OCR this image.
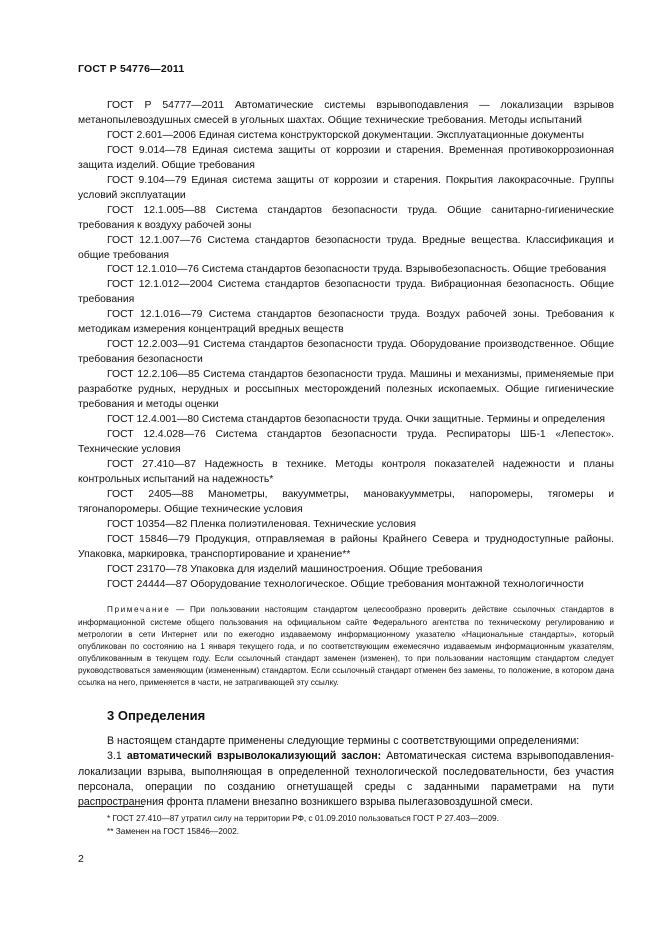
ГОСТ Р 54776—2011

ГОСТ Р 54777—2011 Автоматические системы взрывоподавления — локализации взрывов метанопылевоздушных смесей в угольных шахтах. Общие технические требования. Методы испытаний

ГОСТ 2.601—2006 Единая система конструкторской документации. Эксплуатационные документы

ГОСТ 9.014—78 Единая система защиты от коррозии и старения. Временная противокоррозионная защита изделий. Общие требования

ГОСТ 9.104—79 Единая система защиты от коррозии и старения. Покрытия лакокрасочные. Группы условий эксплуатации

ГОСТ 12.1.005—88 Система стандартов безопасности труда. Общие санитарно-гигиенические требования к воздуху рабочей зоны

ГОСТ 12.1.007—76 Система стандартов безопасности труда. Вредные вещества. Классификация и общие требования

ГОСТ 12.1.010—76 Система стандартов безопасности труда. Взрывобезопасность. Общие требования

ГОСТ 12.1.012—2004 Система стандартов безопасности труда. Вибрационная безопасность. Общие требования

ГОСТ 12.1.016—79 Система стандартов безопасности труда. Воздух рабочей зоны. Требования к методикам измерения концентраций вредных веществ

ГОСТ 12.2.003—91 Система стандартов безопасности труда. Оборудование производственное. Общие требования безопасности

ГОСТ 12.2.106—85 Система стандартов безопасности труда. Машины и механизмы, применяемые при разработке рудных, нерудных и россыпных месторождений полезных ископаемых. Общие гигиенические требования и методы оценки

ГОСТ 12.4.001—80 Система стандартов безопасности труда. Очки защитные. Термины и определения

ГОСТ 12.4.028—76 Система стандартов безопасности труда. Респираторы ШБ-1 «Лепесток». Технические условия

ГОСТ 27.410—87 Надежность в технике. Методы контроля показателей надежности и планы контрольных испытаний на надежность*

ГОСТ 2405—88 Манометры, вакуумметры, мановакуумметры, напоромеры, тягомеры и тягонапоромеры. Общие технические условия

ГОСТ 10354—82 Пленка полиэтиленовая. Технические условия

ГОСТ 15846—79 Продукция, отправляемая в районы Крайнего Севера и труднодоступные районы. Упаковка, маркировка, транспортирование и хранение**

ГОСТ 23170—78 Упаковка для изделий машиностроения. Общие требования

ГОСТ 24444—87 Оборудование технологическое. Общие требования монтажной технологичности

Примечание — При пользовании настоящим стандартом целесообразно проверить действие ссылочных стандартов в информационной системе общего пользования на официальном сайте Федерального агентства по техническому регулированию и метрологии в сети Интернет или по ежегодно издаваемому информационному указателю «Национальные стандарты», который опубликован по состоянию на 1 января текущего года, и по соответствующим ежемесячно издаваемым информационным указателям, опубликованным в текущем году. Если ссылочный стандарт заменен (изменен), то при пользовании настоящим стандартом следует руководствоваться заменяющим (измененным) стандартом. Если ссылочный стандарт отменен без замены, то положение, в котором дана ссылка на него, применяется в части, не затрагивающей эту ссылку.

3 Определения

В настоящем стандарте применены следующие термины с соответствующими определениями:

3.1 автоматический взрыволокализующий заслон: Автоматическая система взрывоподавления-локализации взрыва, выполняющая в определенной технологической последовательности, без участия персонала, операции по созданию огнетушащей среды с заданными параметрами на пути распространения фронта пламени внезапно возникшего взрыва пылегазовоздушной смеси.

* ГОСТ 27.410—87 утратил силу на территории РФ, с 01.09.2010 пользоваться ГОСТ Р 27.403—2009.

** Заменен на ГОСТ 15846—2002.

2
